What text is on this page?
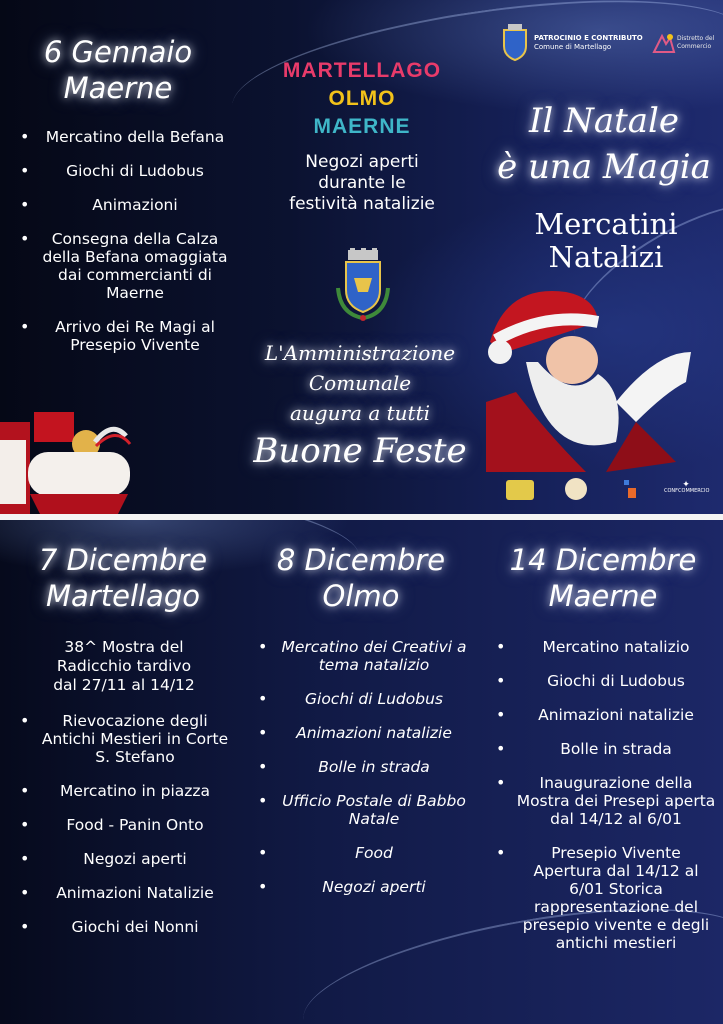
6 Gennaio
Maerne
• Mercatino della Befana
• Giochi di Ludobus
• Animazioni
• Consegna della Calza della Befana omaggiata dai commercianti di Maerne
• Arrivo dei Re Magi al Presepio Vivente
MARTELLAGO
OLMO
MAERNE
Negozi aperti
durante le
festività natalizie
L'Amministrazione
Comunale
augura a tutti
Buone Feste
PATROCINIO E CONTRIBUTO
Comune di Martellago
Distretto del
Commercio
Il Natale
è una Magia
Mercatini
Natalizi
✦
CONFCOMMERCIO
7 Dicembre
Martellago
38^ Mostra del
Radicchio tardivo
dal 27/11 al 14/12
• Rievocazione degli Antichi Mestieri in Corte S. Stefano
• Mercatino in piazza
• Food - Panin Onto
• Negozi aperti
• Animazioni Natalizie
• Giochi dei Nonni
8 Dicembre
Olmo
• Mercatino dei Creativi a tema natalizio
• Giochi di Ludobus
• Animazioni natalizie
• Bolle in strada
• Ufficio Postale di Babbo Natale
• Food
• Negozi aperti
14 Dicembre
Maerne
• Mercatino natalizio
• Giochi di Ludobus
• Animazioni natalizie
• Bolle in strada
• Inaugurazione della Mostra dei Presepi aperta dal 14/12 al 6/01
• Presepio Vivente Apertura dal 14/12 al 6/01 Storica rappresentazione del presepio vivente e degli antichi mestieri
